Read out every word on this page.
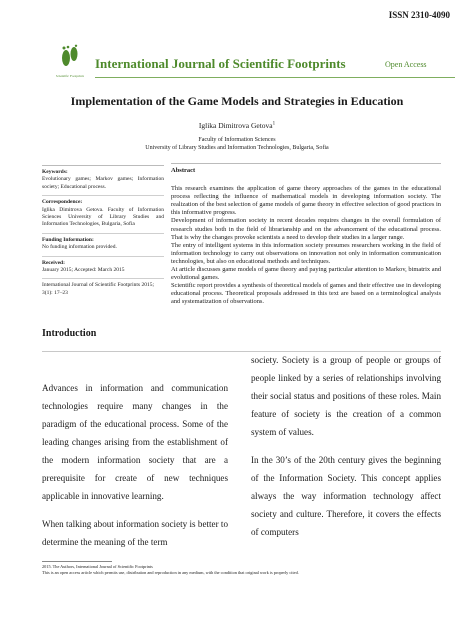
ISSN 2310-4090
Scientific Footprints
International Journal of Scientific Footprints	Open Access
Implementation of the Game Models and Strategies in Education
Iglika Dimitrova Getova$^1$
Faculty of Information Sciences
University of Library Studies and Information Technologies, Bulgaria, Sofia
Keywords:
Evolutionary games; Markov games; Information society; Educational process.
Correspondence:
Iglika Dimitrova Getova. Faculty of Information Sciences University of Library Studies and Information Technologies, Bulgaria, Sofia
Funding Information:
No funding information provided.
Received:
January 2015; Accepted: March 2015
International Journal of Scientific Footprints 2015; 3(1): 17–23
Abstract

This research examines the application of game theory approaches of the games in the educational process reflecting the influence of mathematical models in developing information society. The realization of the best selection of game models of game theory in effective selection of good practices in this informative progress.

Development of information society in recent decades requires changes in the overall formulation of research studies both in the field of librarianship and on the advancement of the educational process. That is why the changes provoke scientists a need to develop their studies in a larger range.

The entry of intelligent systems in this information society presumes researchers working in the field of information technology to carry out observations on innovation not only in information communication technologies, but also on educational methods and techniques.

At article discusses game models of game theory and paying particular attention to Markov, bimatrix and evolutional games.

Scientific report provides a synthesis of theoretical models of games and their effective use in developing educational process. Theoretical proposals addressed in this text are based on a terminological analysis and systematization of observations.

Introduction

Advances in information and communication technologies require many changes in the paradigm of the educational process. Some of the leading changes arising from the establishment of the modern information society that are a prerequisite for create of new techniques applicable in innovative learning.

When talking about information society is better to determine the meaning of the term

society. Society is a group of people or groups of people linked by a series of relationships involving their social status and positions of these roles. Main feature of society is the creation of a common system of values.

In the 30’s of the 20th century gives the beginning of the Information Society. This concept applies always the way information technology affect society and culture. Therefore, it covers the effects of computers

2015. The Authors, International Journal of Scientific Footprints
This is an open access article which permits use, distribution and reproduction in any medium, with the condition that original work is properly cited.
